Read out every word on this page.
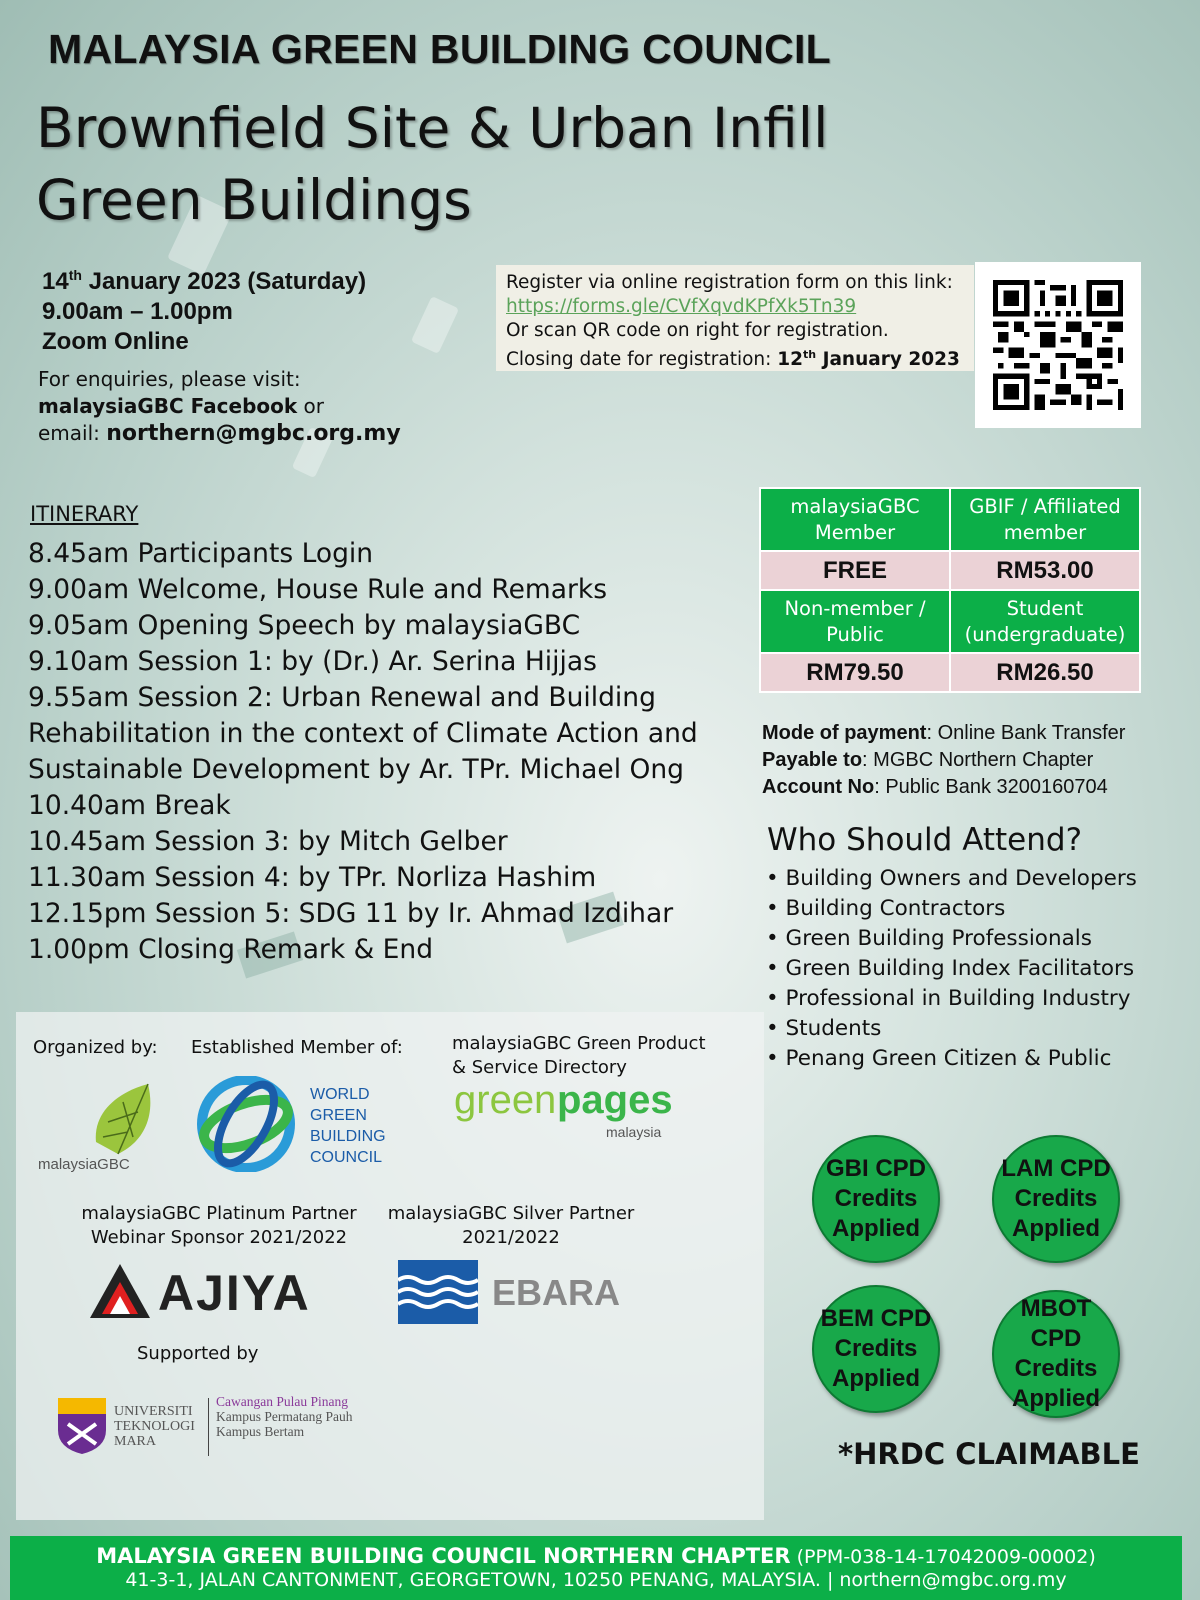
MALAYSIA GREEN BUILDING COUNCIL
Brownfield Site & Urban Infill
Green Buildings
14th January 2023 (Saturday)
9.00am – 1.00pm
Zoom Online
For enquiries, please visit:
malaysiaGBC Facebook or
email: northern@mgbc.org.my
Register via online registration form on this link:
https://forms.gle/CVfXqvdKPfXk5Tn39
Or scan QR code on right for registration.
Closing date for registration: 12th January 2023
ITINERARY
8.45am Participants Login
9.00am Welcome, House Rule and Remarks
9.05am Opening Speech by malaysiaGBC
9.10am Session 1: by (Dr.) Ar. Serina Hijjas
9.55am Session 2: Urban Renewal and Building Rehabilitation in the context of Climate Action and Sustainable Development by Ar. TPr. Michael Ong
10.40am Break
10.45am Session 3: by Mitch Gelber
11.30am Session 4: by TPr. Norliza Hashim
12.15pm Session 5: SDG 11 by Ir. Ahmad Izdihar
1.00pm Closing Remark & End
malaysiaGBC Member	GBIF / Affiliated member
FREE	RM53.00
Non-member / Public	Student (undergraduate)
RM79.50	RM26.50
Mode of payment: Online Bank Transfer
Payable to: MGBC Northern Chapter
Account No: Public Bank 3200160704
Who Should Attend?
• Building Owners and Developers
• Building Contractors
• Green Building Professionals
• Green Building Index Facilitators
• Professional in Building Industry
• Students
• Penang Green Citizen & Public
Organized by: Established Member of:	malaysiaGBC Green Product & Service Directory
malaysiaGBC
WORLD
GREEN
BUILDING
COUNCIL
green pages
malaysia
malaysiaGBC Platinum Partner Webinar Sponsor 2021/2022
malaysiaGBC Silver Partner 2021/2022
AJIYA	EBARA
Supported by
UNIVERSITI
TEKNOLOGI
MARA
Cawangan Pulau Pinang
Kampus Permatang Pauh
Kampus Bertam
GBI CPD
Credits
Applied
LAM CPD
Credits
Applied
BEM CPD
Credits
Applied
MBOT CPD
Credits
Applied
*HRDC CLAIMABLE
MALAYSIA GREEN BUILDING COUNCIL NORTHERN CHAPTER (PPM-038-14-17042009-00002)
41-3-1, JALAN CANTONMENT, GEORGETOWN, 10250 PENANG, MALAYSIA. | northern@mgbc.org.my
